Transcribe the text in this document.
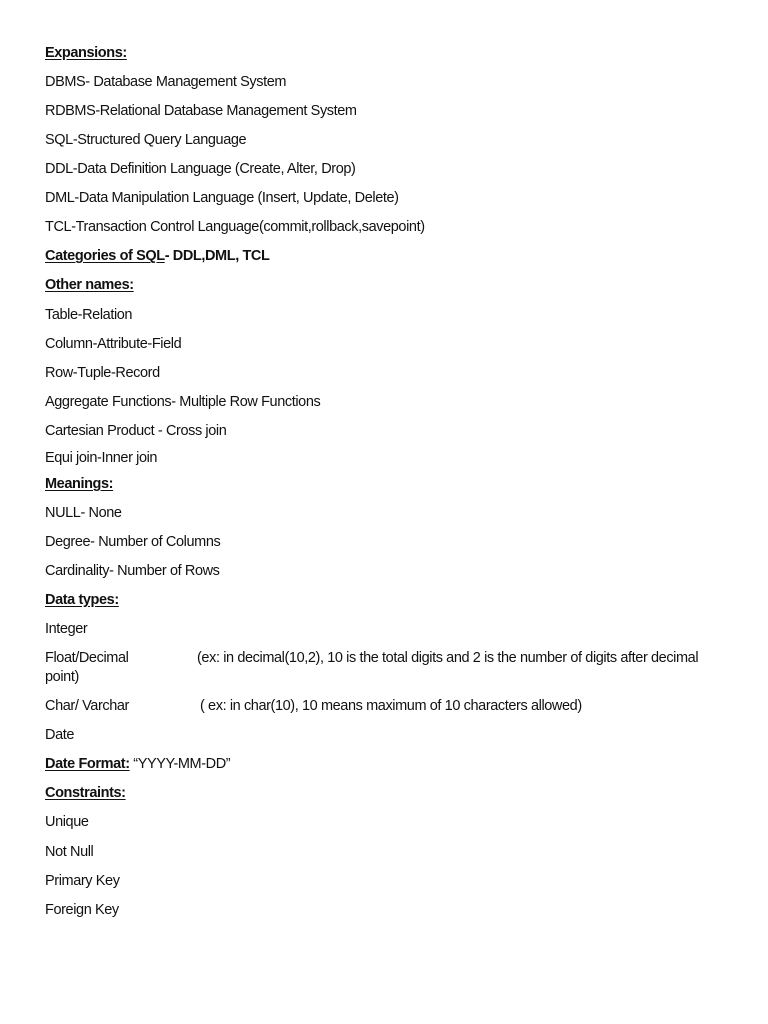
Expansions:
DBMS- Database Management System
RDBMS-Relational Database Management System
SQL-Structured Query Language
DDL-Data Definition Language (Create, Alter, Drop)
DML-Data Manipulation Language (Insert, Update, Delete)
TCL-Transaction Control Language(commit,rollback,savepoint)
Categories of SQL- DDL,DML, TCL
Other names:
Table-Relation
Column-Attribute-Field
Row-Tuple-Record
Aggregate Functions- Multiple Row Functions
Cartesian Product - Cross join
Equi join-Inner join
Meanings:
NULL- None
Degree- Number of Columns
Cardinality- Number of Rows
Data types:
Integer
Float/Decimal	(ex: in decimal(10,2), 10 is the total digits and 2 is the number of digits after decimal
point)
Char/ Varchar	( ex: in char(10), 10 means maximum of 10 characters allowed)
Date
Date Format: “YYYY-MM-DD”
Constraints:
Unique
Not Null
Primary Key
Foreign Key
